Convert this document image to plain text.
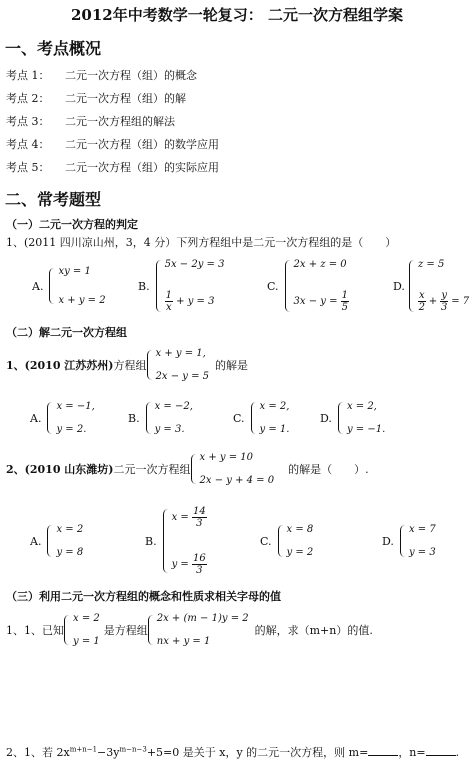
2012年中考数学一轮复习： 二元一次方程组学案
一、考点概况
考点 1： 二元一次方程（组）的概念
考点 2： 二元一次方程（组）的解
考点 3： 二元一次方程组的解法
考点 4： 二元一次方程（组）的数学应用
考点 5： 二元一次方程（组）的实际应用
二、常考题型
（一）二元一次方程的判定
1、(2011 四川凉山州，3，4 分）下列方程组中是二元一次方程组的是（　　）
A.
xy = 1
x + y = 2
B.
5x − 2y = 3
$\frac{1}{x} + y = 3$
C.
2x + z = 0
$3x - y = \frac{1}{5}$
D.
z = 5
$\frac{x}{2} + \frac{y}{3} = 7$
（二）解二元一次方程组
1、(2010 江苏苏州) 方程组
x + y = 1,
2x − y = 5
的解是
A.
x = −1,
y = 2.
B.
x = −2,
y = 3.
C.
x = 2,
y = 1.
D.
x = 2,
y = −1.
2、(2010 山东潍坊) 二元一次方程组
x + y = 10
2x − y + 4 = 0
的解是（　　）.
A.
x = 2
y = 8
B.
$x = \frac{14}{3}$
$y = \frac{16}{3}$
C.
x = 8
y = 2
D.
x = 7
y = 3
（三）利用二元一次方程组的概念和性质求相关字母的值
1、1、已知
x = 2
y = 1
是方程组
2x + (m − 1)y = 2
nx + y = 1
的解，求（m+n）的值.
2、1、若 $2x^{m+n-1}-3y^{m-n-3}+5=0$ 是关于 x，y 的二元一次方程，则 m=	，n=	.
